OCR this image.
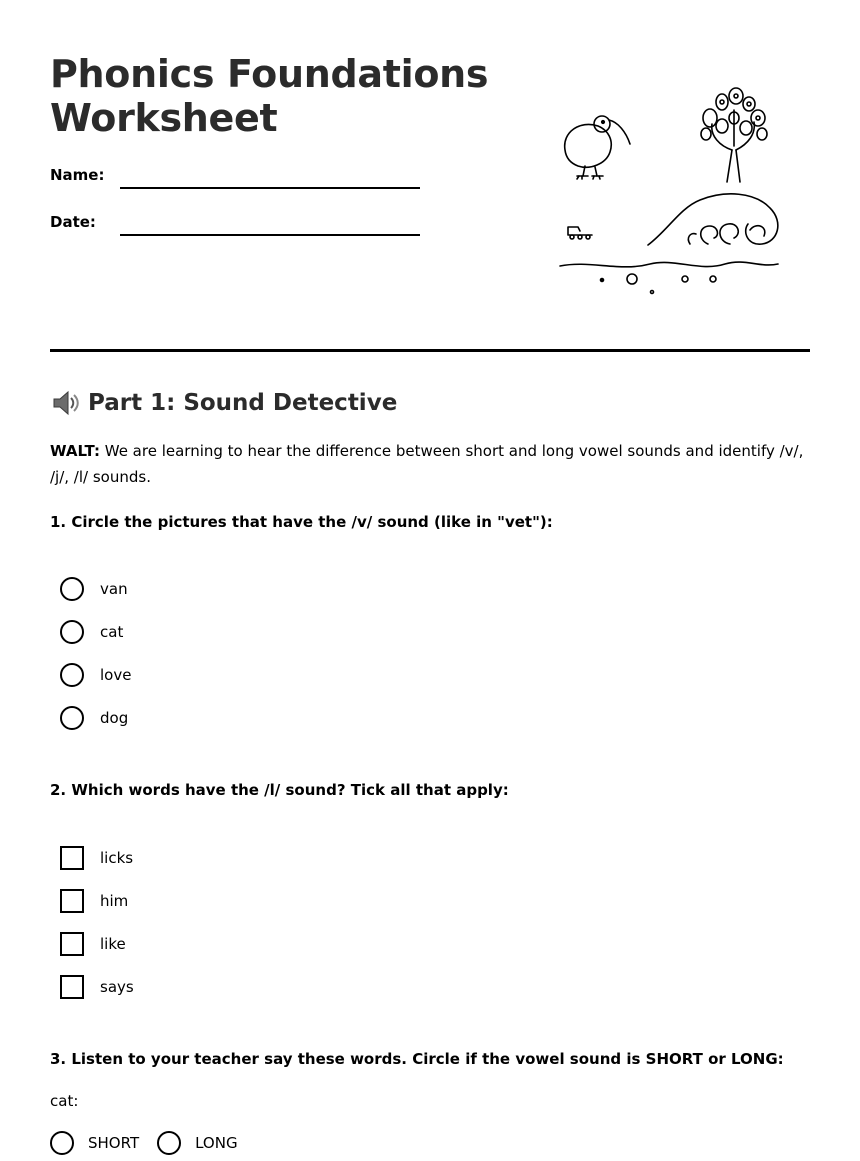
Phonics Foundations
Worksheet
Name:
Date:
Part 1: Sound Detective
WALT: We are learning to hear the difference between short and long vowel sounds and identify /v/, /j/, /l/ sounds.
1. Circle the pictures that have the /v/ sound (like in "vet"):
van
cat
love
dog
2. Which words have the /l/ sound? Tick all that apply:
licks
him
like
says
3. Listen to your teacher say these words. Circle if the vowel sound is SHORT or LONG:
cat:
SHORT	LONG
